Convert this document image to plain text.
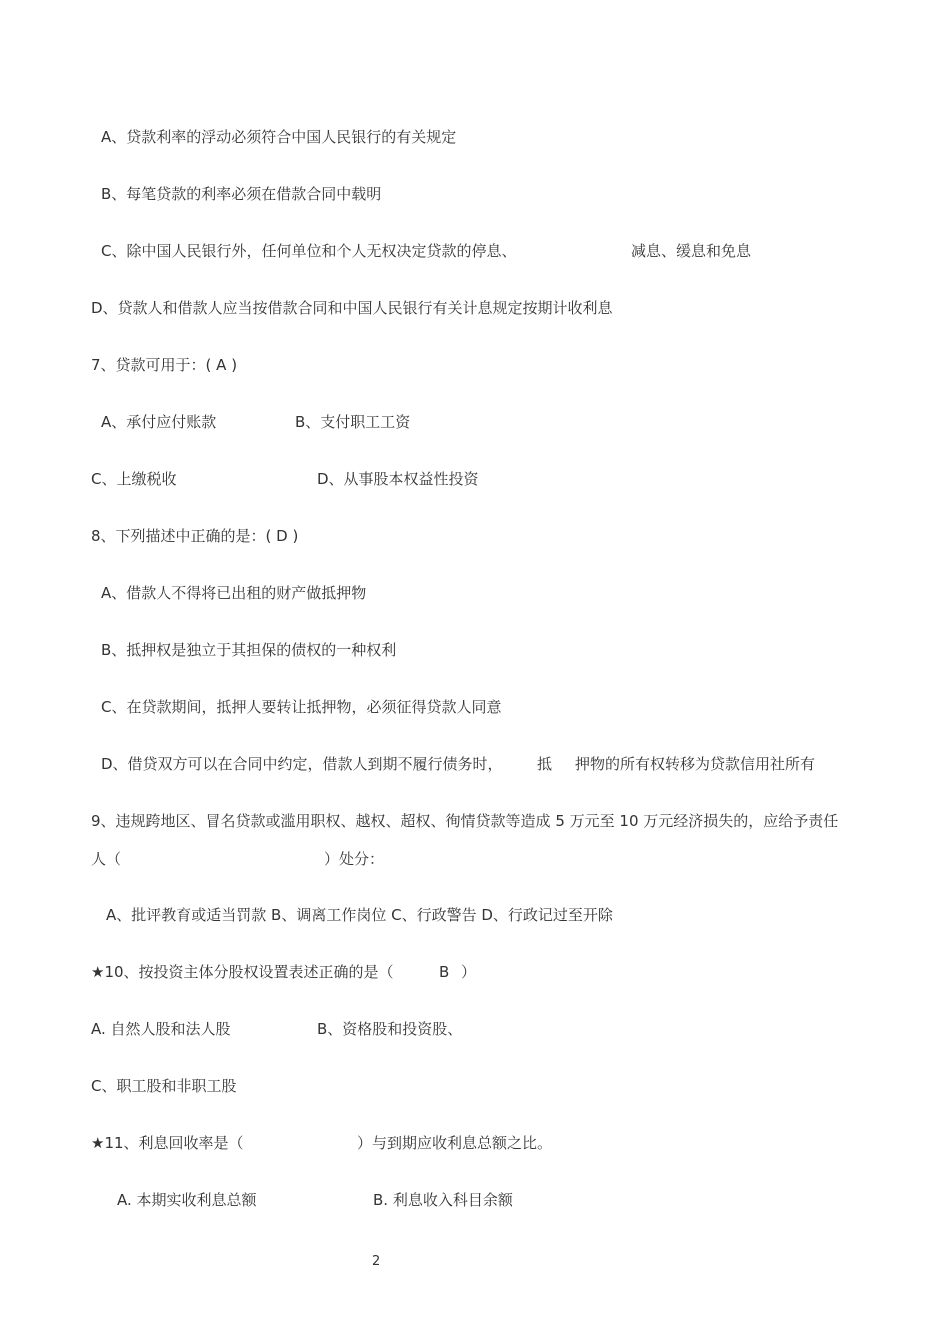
A、贷款利率的浮动必须符合中国人民银行的有关规定
B、每笔贷款的利率必须在借款合同中载明
C、除中国人民银行外，任何单位和个人无权决定贷款的停息、	减息、缓息和免息
D、贷款人和借款人应当按借款合同和中国人民银行有关计息规定按期计收利息
7、贷款可用于：( A )
A、承付应付账款	B、支付职工工资
C、上缴税收	D、从事股本权益性投资
8、下列描述中正确的是：( D )
A、借款人不得将已出租的财产做抵押物
B、抵押权是独立于其担保的债权的一种权利
C、在贷款期间，抵押人要转让抵押物，必须征得贷款人同意
D、借贷双方可以在合同中约定，借款人到期不履行债务时， 抵 押物的所有权转移为贷款信用社所有
9、违规跨地区、冒名贷款或滥用职权、越权、超权、徇情贷款等造成 5 万元至 10 万元经济损失的，应给予责任
人（	）处分：
A、批评教育或适当罚款 B、调离工作岗位 C、行政警告 D、行政记过至开除
★10、按投资主体分股权设置表述正确的是（	B ）
A. 自然人股和法人股	B、资格股和投资股、
C、职工股和非职工股
★11、利息回收率是（	）与到期应收利息总额之比。
A. 本期实收利息总额	B. 利息收入科目余额
2
